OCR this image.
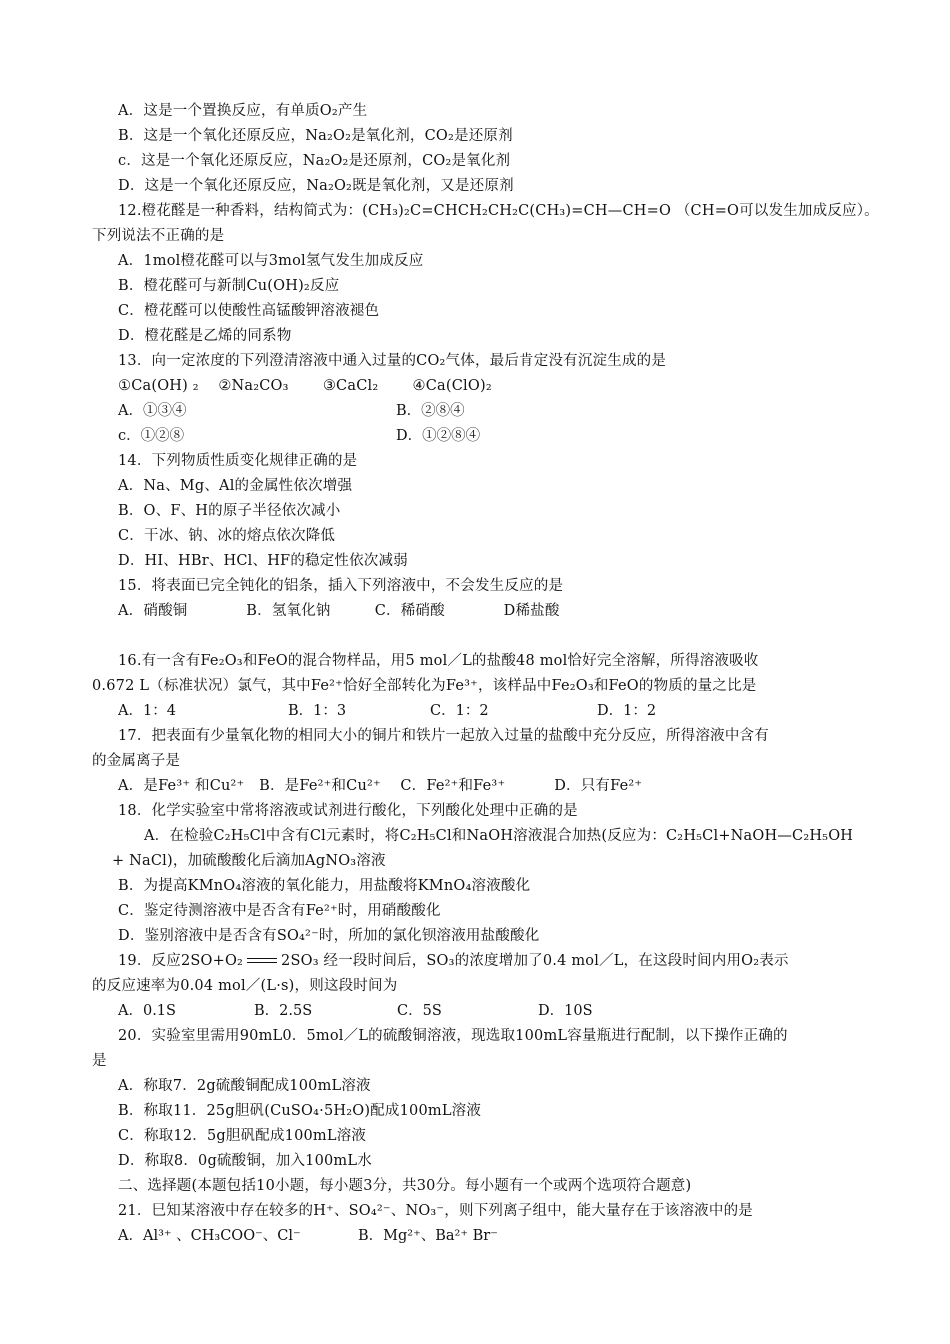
A．这是一个置换反应，有单质O₂产生
B．这是一个氧化还原反应，Na₂O₂是氧化剂，CO₂是还原剂
c．这是一个氧化还原反应，Na₂O₂是还原剂，CO₂是氧化剂
D．这是一个氧化还原反应，Na₂O₂既是氧化剂，又是还原剂
12.橙花醛是一种香料，结构简式为：(CH₃)₂C=CHCH₂CH₂C(CH₃)=CH—CH=O （CH=O可以发生加成反应）。
下列说法不正确的是
A．1mol橙花醛可以与3mol氢气发生加成反应
B．橙花醛可与新制Cu(OH)₂反应
C．橙花醛可以使酸性高锰酸钾溶液褪色
D．橙花醛是乙烯的同系物
13．向一定浓度的下列澄清溶液中通入过量的CO₂气体，最后肯定没有沉淀生成的是
①Ca(OH) ₂　 ②Na₂CO₃　　 ③CaCl₂　　 ④Ca(ClO)₂
A．①③④	B．②⑧④
c．①②⑧	D．①②⑧④
14．下列物质性质变化规律正确的是
A．Na、Mg、Al的金属性依次增强
B．O、F、H的原子半径依次减小
C．干冰、钠、冰的熔点依次降低
D．HI、HBr、HCl、HF的稳定性依次减弱
15．将表面已完全钝化的铝条，插入下列溶液中，不会发生反应的是
A．硝酸铜　　　　B．氢氧化钠　　　C．稀硝酸　　　　D稀盐酸
16.有一含有Fe₂O₃和FeO的混合物样品，用5 mol／L的盐酸48 mol恰好完全溶解，所得溶液吸收
0.672 L（标准状况）氯气，其中Fe²⁺恰好全部转化为Fe³⁺，该样品中Fe₂O₃和FeO的物质的量之比是
A．1：4	B．1：3	C．1：2	D．1：2
17．把表面有少量氧化物的相同大小的铜片和铁片一起放入过量的盐酸中充分反应，所得溶液中含有
的金属离子是
A．是Fe³⁺ 和Cu²⁺　B．是Fe²⁺和Cu²⁺　 C．Fe²⁺和Fe³⁺　　　 D．只有Fe²⁺
18．化学实验室中常将溶液或试剂进行酸化，下列酸化处理中正确的是
A．在检验C₂H₅Cl中含有Cl元素时，将C₂H₅Cl和NaOH溶液混合加热(反应为：C₂H₅Cl+NaOH—C₂H₅OH
+ NaCl)，加硫酸酸化后滴加AgNO₃溶液
B．为提高KMnO₄溶液的氧化能力，用盐酸将KMnO₄溶液酸化
C．鉴定待测溶液中是否含有Fe²⁺时，用硝酸酸化
D．鉴别溶液中是否含有SO₄²⁻时，所加的氯化钡溶液用盐酸酸化
19．反应2SO+O₂	2SO₃ 经一段时间后，SO₃的浓度增加了0.4 mol／L，在这段时间内用O₂表示
的反应速率为0.04 mol／(L·s)，则这段时间为
A．0.1S	B．2.5S	C．5S	D．10S
20．实验室里需用90mL0．5mol／L的硫酸铜溶液，现选取100mL容量瓶进行配制，以下操作正确的
是
A．称取7．2g硫酸铜配成100mL溶液
B．称取11．25g胆矾(CuSO₄·5H₂O)配成100mL溶液
C．称取12．5g胆矾配成100mL溶液
D．称取8．0g硫酸铜，加入100mL水
二、选择题(本题包括10小题，每小题3分，共30分。每小题有一个或两个选项符合题意)
21．巳知某溶液中存在较多的H⁺、SO₄²⁻、NO₃⁻，则下列离子组中，能大量存在于该溶液中的是
A．Al³⁺ 、CH₃COO⁻、Cl⁻	B．Mg²⁺、Ba²⁺ Br⁻
